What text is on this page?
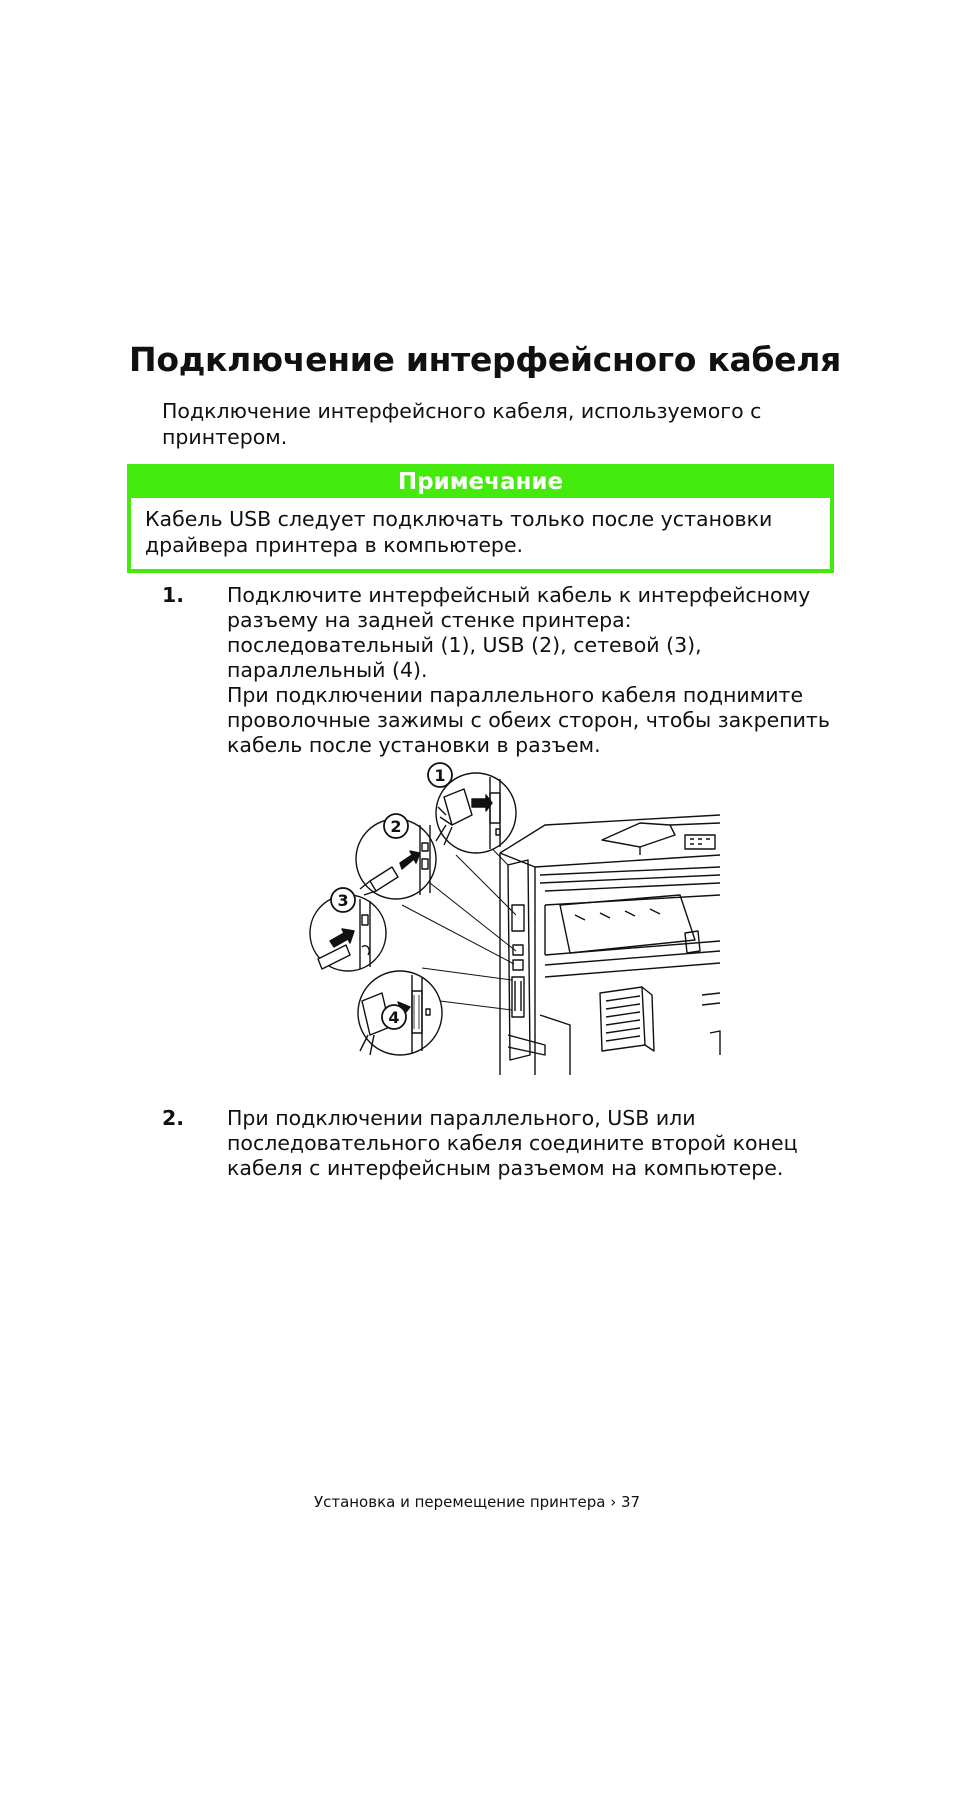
Подключение интерфейсного кабеля
Подключение интерфейсного кабеля, используемого с принтером.
Примечание
Кабель USB следует подключать только после установки драйвера принтера в компьютере.
1. Подключите интерфейсный кабель к интерфейсному разъему на задней стенке принтера: последовательный (1), USB (2), сетевой (3), параллельный (4).
При подключении параллельного кабеля поднимите проволочные зажимы с обеих сторон, чтобы закрепить кабель после установки в разъем.
1
2
3
4
2. При подключении параллельного, USB или последовательного кабеля соедините второй конец кабеля с интерфейсным разъемом на компьютере.
Установка и перемещение принтера › 37
